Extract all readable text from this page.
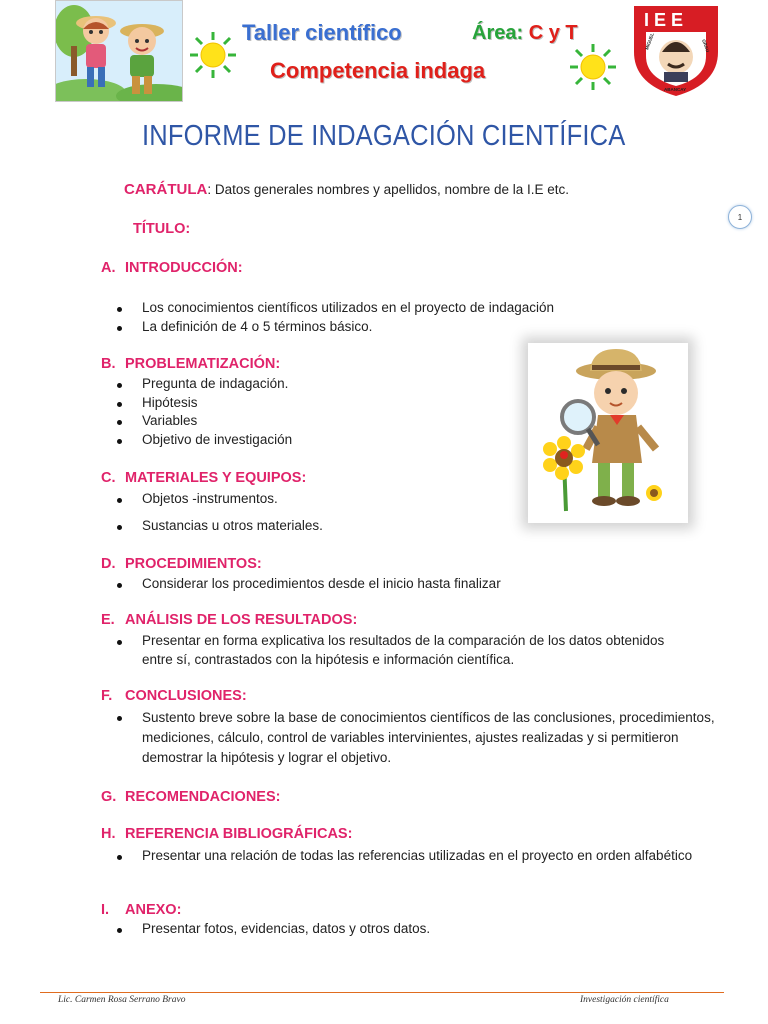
Taller científico	Área: C y T
Competencia indaga
I E E
MIGUEL	GRAU
ABANCAY
INFORME DE INDAGACIÓN CIENTÍFICA
CARÁTULA: Datos generales nombres y apellidos, nombre de la I.E etc.
TÍTULO:
1
A. INTRODUCCIÓN:
Los conocimientos científicos utilizados en el proyecto de indagación
La definición de 4 o 5 términos básico.
B. PROBLEMATIZACIÓN:
Pregunta de indagación.
Hipótesis
Variables
Objetivo de investigación
C. MATERIALES Y EQUIPOS:
Objetos -instrumentos.
Sustancias u otros materiales.
D. PROCEDIMIENTOS:
Considerar los procedimientos desde el inicio hasta finalizar
E. ANÁLISIS DE LOS RESULTADOS:
Presentar en forma explicativa los resultados de la comparación de los datos obtenidos entre sí, contrastados con la hipótesis e información científica.
F. CONCLUSIONES:
Sustento breve sobre la base de conocimientos científicos de las conclusiones, procedimientos, mediciones, cálculo, control de variables intervinientes, ajustes realizadas y si permitieron demostrar la hipótesis y lograr el objetivo.
G. RECOMENDACIONES:
H. REFERENCIA BIBLIOGRÁFICAS:
Presentar una relación de todas las referencias utilizadas en el proyecto en orden alfabético
I. ANEXO:
Presentar fotos, evidencias, datos y otros datos.
Lic. Carmen Rosa Serrano Bravo	Investigación científica
